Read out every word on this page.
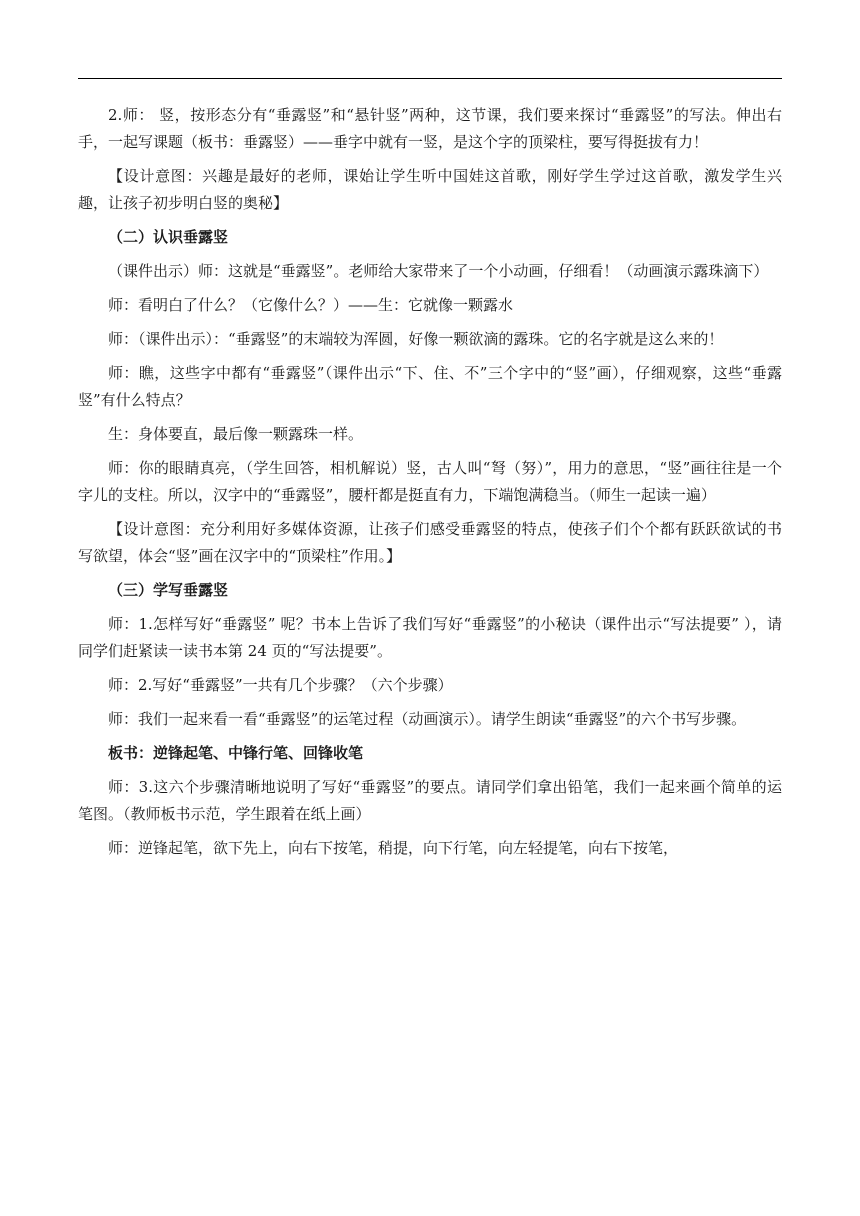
2.师： 竖，按形态分有“垂露竖”和“悬针竖”两种，这节课，我们要来探讨“垂露竖”的写法。伸出右手，一起写课题（板书：垂露竖）——垂字中就有一竖，是这个字的顶梁柱，要写得挺拔有力！

【设计意图：兴趣是最好的老师，课始让学生听中国娃这首歌，刚好学生学过这首歌，激发学生兴趣，让孩子初步明白竖的奥秘】

（二）认识垂露竖

（课件出示）师：这就是“垂露竖”。老师给大家带来了一个小动画，仔细看！（动画演示露珠滴下）

师：看明白了什么？（它像什么？）——生：它就像一颗露水

师：（课件出示）：“垂露竖”的末端较为浑圆，好像一颗欲滴的露珠。它的名字就是这么来的！

师：瞧，这些字中都有“垂露竖”（课件出示“下、住、不”三个字中的“竖”画），仔细观察，这些“垂露竖”有什么特点？

生：身体要直，最后像一颗露珠一样。

师：你的眼睛真亮，（学生回答，相机解说）竖，古人叫“弩（努）”，用力的意思，“竖”画往往是一个字儿的支柱。所以，汉字中的“垂露竖”，腰杆都是挺直有力，下端饱满稳当。（师生一起读一遍）

【设计意图：充分利用好多媒体资源，让孩子们感受垂露竖的特点，使孩子们个个都有跃跃欲试的书写欲望，体会“竖”画在汉字中的“顶梁柱”作用。】

（三）学写垂露竖

师：1.怎样写好“垂露竖” 呢？书本上告诉了我们写好“垂露竖”的小秘诀（课件出示“写法提要” ），请同学们赶紧读一读书本第 24 页的“写法提要”。

师：2.写好“垂露竖”一共有几个步骤？（六个步骤）

师：我们一起来看一看“垂露竖”的运笔过程（动画演示）。请学生朗读“垂露竖”的六个书写步骤。

板书：逆锋起笔、中锋行笔、回锋收笔

师：3.这六个步骤清晰地说明了写好“垂露竖”的要点。请同学们拿出铅笔，我们一起来画个简单的运笔图。（教师板书示范，学生跟着在纸上画）

师：逆锋起笔，欲下先上，向右下按笔，稍提，向下行笔，向左轻提笔，向右下按笔，
